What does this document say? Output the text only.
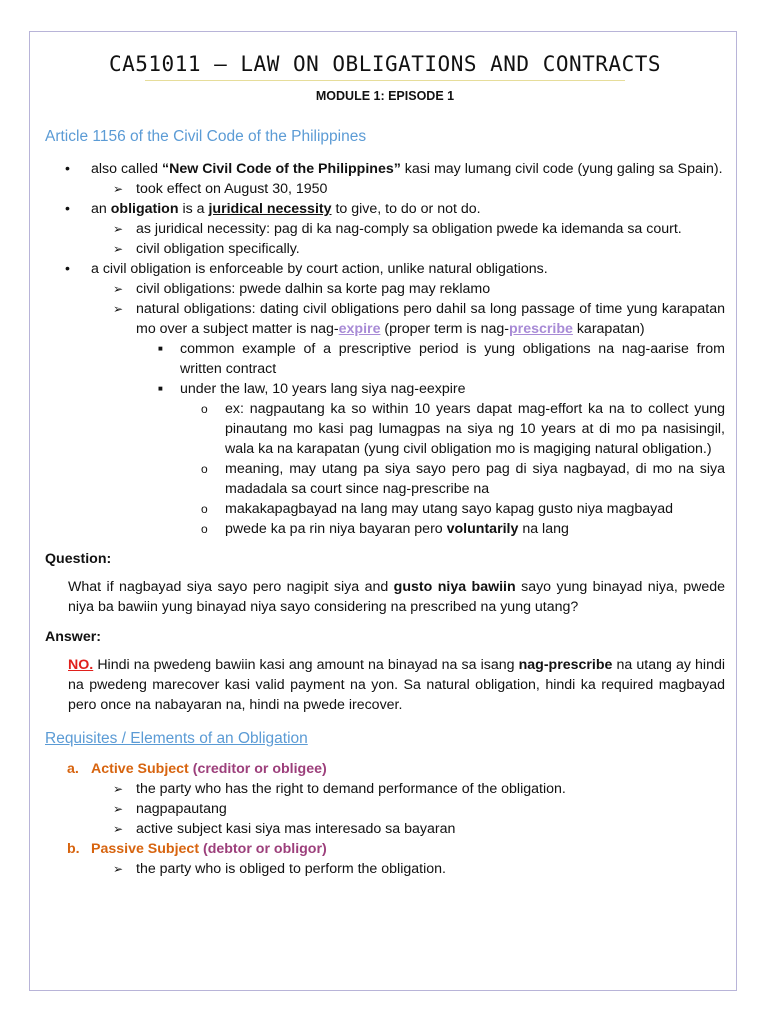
CA51011 – LAW ON OBLIGATIONS AND CONTRACTS
MODULE 1: EPISODE 1
Article 1156 of the Civil Code of the Philippines
• also called “New Civil Code of the Philippines” kasi may lumang civil code (yung galing sa Spain).
➢ took effect on August 30, 1950
• an obligation is a juridical necessity to give, to do or not do.
➢ as juridical necessity: pag di ka nag-comply sa obligation pwede ka idemanda sa court.
➢ civil obligation specifically.
• a civil obligation is enforceable by court action, unlike natural obligations.
➢ civil obligations: pwede dalhin sa korte pag may reklamo
➢ natural obligations: dating civil obligations pero dahil sa long passage of time yung karapatan mo over a subject matter is nag-expire (proper term is nag-prescribe karapatan)
■ common example of a prescriptive period is yung obligations na nag-aarise from written contract
■ under the law, 10 years lang siya nag-eexpire
o ex: nagpautang ka so within 10 years dapat mag-effort ka na to collect yung pinautang mo kasi pag lumagpas na siya ng 10 years at di mo pa nasisingil, wala ka na karapatan (yung civil obligation mo is magiging natural obligation.)
o meaning, may utang pa siya sayo pero pag di siya nagbayad, di mo na siya madadala sa court since nag-prescribe na
o makakapagbayad na lang may utang sayo kapag gusto niya magbayad
o pwede ka pa rin niya bayaran pero voluntarily na lang
Question:
What if nagbayad siya sayo pero nagipit siya and gusto niya bawiin sayo yung binayad niya, pwede niya ba bawiin yung binayad niya sayo considering na prescribed na yung utang?
Answer:
NO. Hindi na pwedeng bawiin kasi ang amount na binayad na sa isang nag-prescribe na utang ay hindi na pwedeng marecover kasi valid payment na yon. Sa natural obligation, hindi ka required magbayad pero once na nabayaran na, hindi na pwede irecover.
Requisites / Elements of an Obligation
a. Active Subject (creditor or obligee)
➢ the party who has the right to demand performance of the obligation.
➢ nagpapautang
➢ active subject kasi siya mas interesado sa bayaran
b. Passive Subject (debtor or obligor)
➢ the party who is obliged to perform the obligation.
